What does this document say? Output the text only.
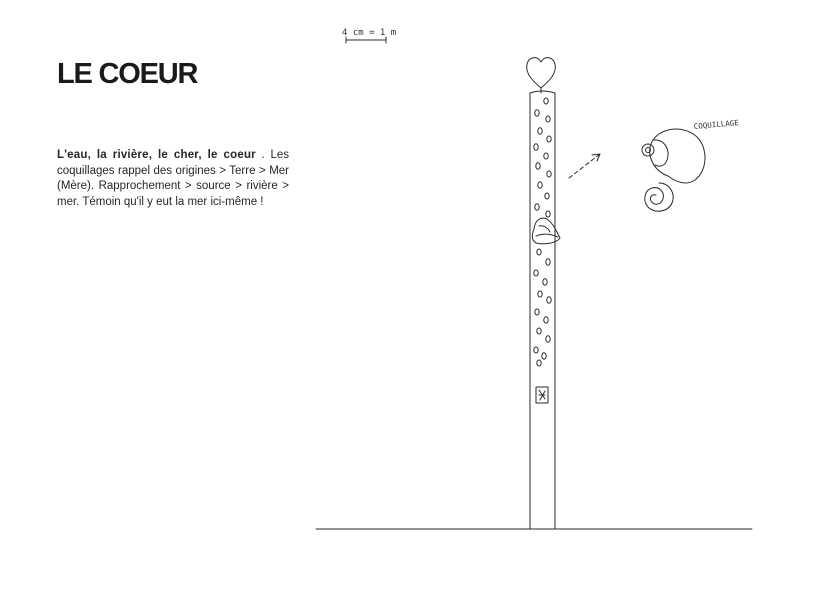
LE COEUR

L'eau, la rivière, le cher, le coeur . Les coquillages rappel des origines > Terre > Mer (Mère). Rapprochement > source > rivière > mer. Témoin qu'il y eut la mer ici-même !

4 cm = 1 m
COQUILLAGE
